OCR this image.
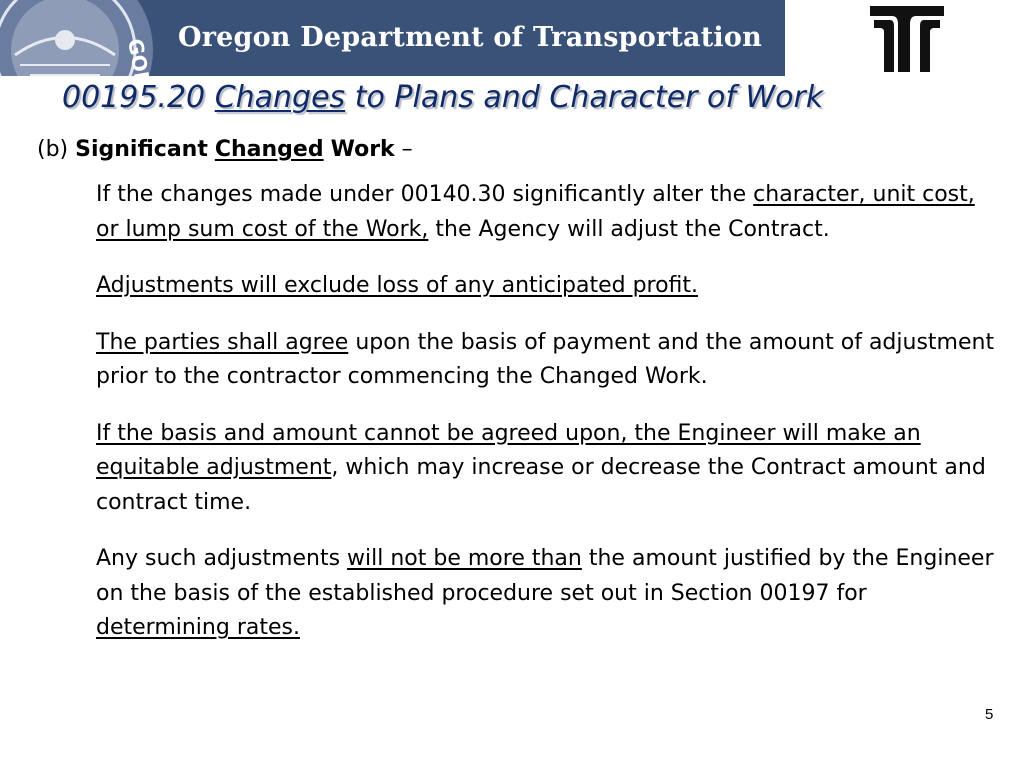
GON Oregon Department of Transportation
00195.20 Changes to Plans and Character of Work
(b) Significant Changed Work –

If the changes made under 00140.30 significantly alter the character, unit cost, or lump sum cost of the Work, the Agency will adjust the Contract.

Adjustments will exclude loss of any anticipated profit.

The parties shall agree upon the basis of payment and the amount of adjustment prior to the contractor commencing the Changed Work.

If the basis and amount cannot be agreed upon, the Engineer will make an equitable adjustment, which may increase or decrease the Contract amount and contract time.

Any such adjustments will not be more than the amount justified by the Engineer on the basis of the established procedure set out in Section 00197 for determining rates.

5
